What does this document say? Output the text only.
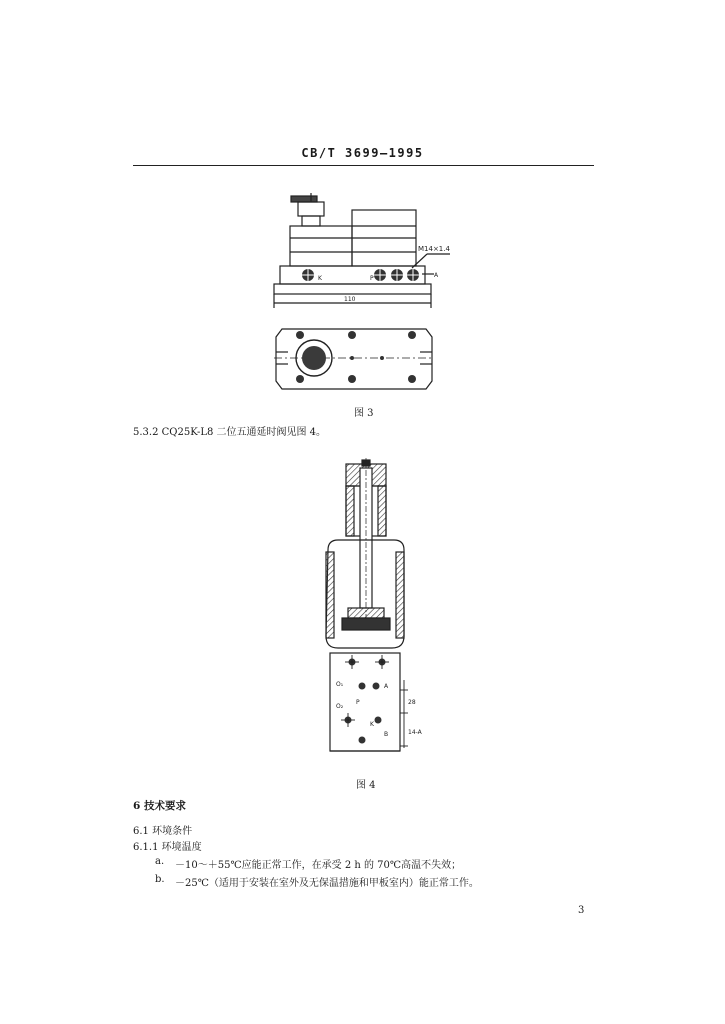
CB/T 3699—1995
K	P	A
M14×1.4
110
图 3
5.3.2 CQ25K-L8 二位五通延时阀见图 4。
O₁
O₂
A
P
K
B
28
14-A
图 4
6 技术要求
6.1 环境条件
6.1.1 环境温度
a. －10～＋55℃应能正常工作，在承受 2 h 的 70℃高温不失效；
b. －25℃（适用于安装在室外及无保温措施和甲板室内）能正常工作。
3
